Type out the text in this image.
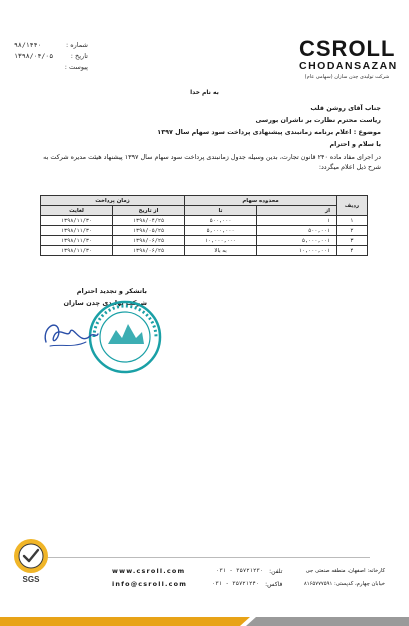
شماره :
۹۸/۱۴۴۰
تاریخ :
۱۳۹۸/۰۴/۰۵
پیوست :
CSROLL
CHODANSAZAN
شرکت تولیدی چدن سازان (سهامی عام)
به نام خدا
جناب آقای روشن قلب
ریاست محترم نظارت بر ناشران بورسی
موضوع : اعلام برنامه زمانبندی پیشنهادی پرداخت سود سهام سال ۱۳۹۷
با سلام و احترام
در اجرای مفاد ماده ۲۴۰ قانون تجارت، بدین وسیله جدول زمانبندی پرداخت سود سهام سال ۱۳۹۷ پیشنهاد هیئت مدیره شرکت به شرح ذیل اعلام میگردد:
ردیف	محدوده سهام		زمان پرداخت	
	از	تا	از تاریخ	لغایت
۱	۱	۵۰۰,۰۰۰	۱۳۹۸/۰۴/۲۵	۱۳۹۸/۱۱/۳۰
۲	۵۰۰,۰۰۱	۵,۰۰۰,۰۰۰	۱۳۹۸/۰۵/۲۵	۱۳۹۸/۱۱/۳۰
۳	۵,۰۰۰,۰۰۱	۱۰,۰۰۰,۰۰۰	۱۳۹۸/۰۶/۲۵	۱۳۹۸/۱۱/۳۰
۴	۱۰,۰۰۰,۰۰۱	به بالا	۱۳۹۸/۰۶/۲۵	۱۳۹۸/۱۱/۳۰
باتشکر و تجدید احترام
شرکت تولیدی چدن سازان
SGS
www.csroll.com
info@csroll.com
تلفن:
۰۳۱ - ۳۵۷۲۱۲۳۰
فاکس:
۰۳۱ - ۳۵۷۲۱۲۴۰
کارخانه: اصفهان، منطقه صنعتی جی
خیابان چهارم، کدپستی: ۸۱۶۵۷۷۷۵۹۱
